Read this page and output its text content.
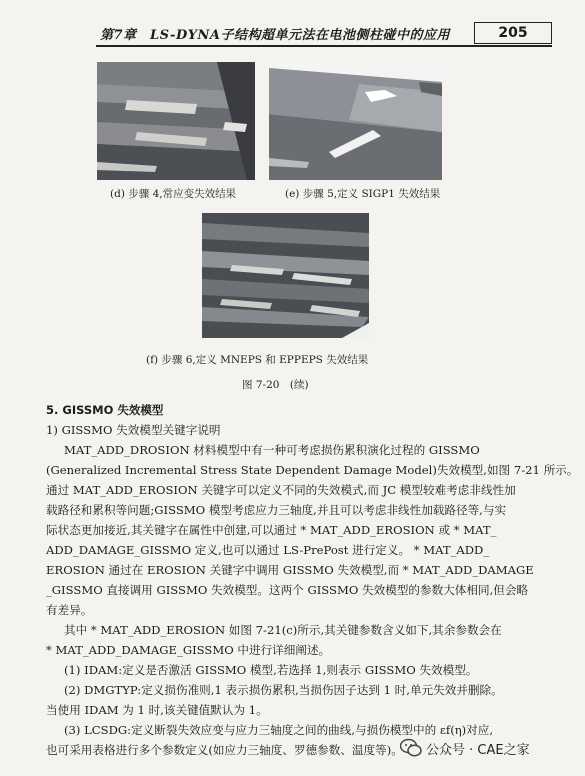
第7章　LS-DYNA子结构超单元法在电池侧柱碰中的应用	205
(d) 步骤 4,常应变失效结果	(e) 步骤 5,定义 SIGP1 失效结果
(f) 步骤 6,定义 MNEPS 和 EPPEPS 失效结果
图 7-20　(续)
5. GISSMO 失效模型
1) GISSMO 失效模型关键字说明
MAT_ADD_DROSION 材料模型中有一种可考虑损伤累积演化过程的 GISSMO
(Generalized Incremental Stress State Dependent Damage Model)失效模型,如图 7-21 所示。
通过 MAT_ADD_EROSION 关键字可以定义不同的失效模式,而 JC 模型较难考虑非线性加
载路径和累积等问题;GISSMO 模型考虑应力三轴度,并且可以考虑非线性加载路径等,与实
际状态更加接近,其关键字在属性中创建,可以通过 * MAT_ADD_EROSION 或 * MAT_
ADD_DAMAGE_GISSMO 定义,也可以通过 LS-PrePost 进行定义。 * MAT_ADD_
EROSION 通过在 EROSION 关键字中调用 GISSMO 失效模型,而 * MAT_ADD_DAMAGE
_GISSMO 直接调用 GISSMO 失效模型。这两个 GISSMO 失效模型的参数大体相同,但会略
有差异。
其中 * MAT_ADD_EROSION 如图 7-21(c)所示,其关键参数含义如下,其余参数会在
* MAT_ADD_DAMAGE_GISSMO 中进行详细阐述。
(1) IDAM:定义是否激活 GISSMO 模型,若选择 1,则表示 GISSMO 失效模型。
(2) DMGTYP:定义损伤准则,1 表示损伤累积,当损伤因子达到 1 时,单元失效并删除。
当使用 IDAM 为 1 时,该关键值默认为 1。
(3) LCSDG:定义断裂失效应变与应力三轴度之间的曲线,与损伤模型中的 εf(η)对应,
也可采用表格进行多个参数定义(如应力三轴度、罗德参数、温度等)。 公众号 · CAE之家
